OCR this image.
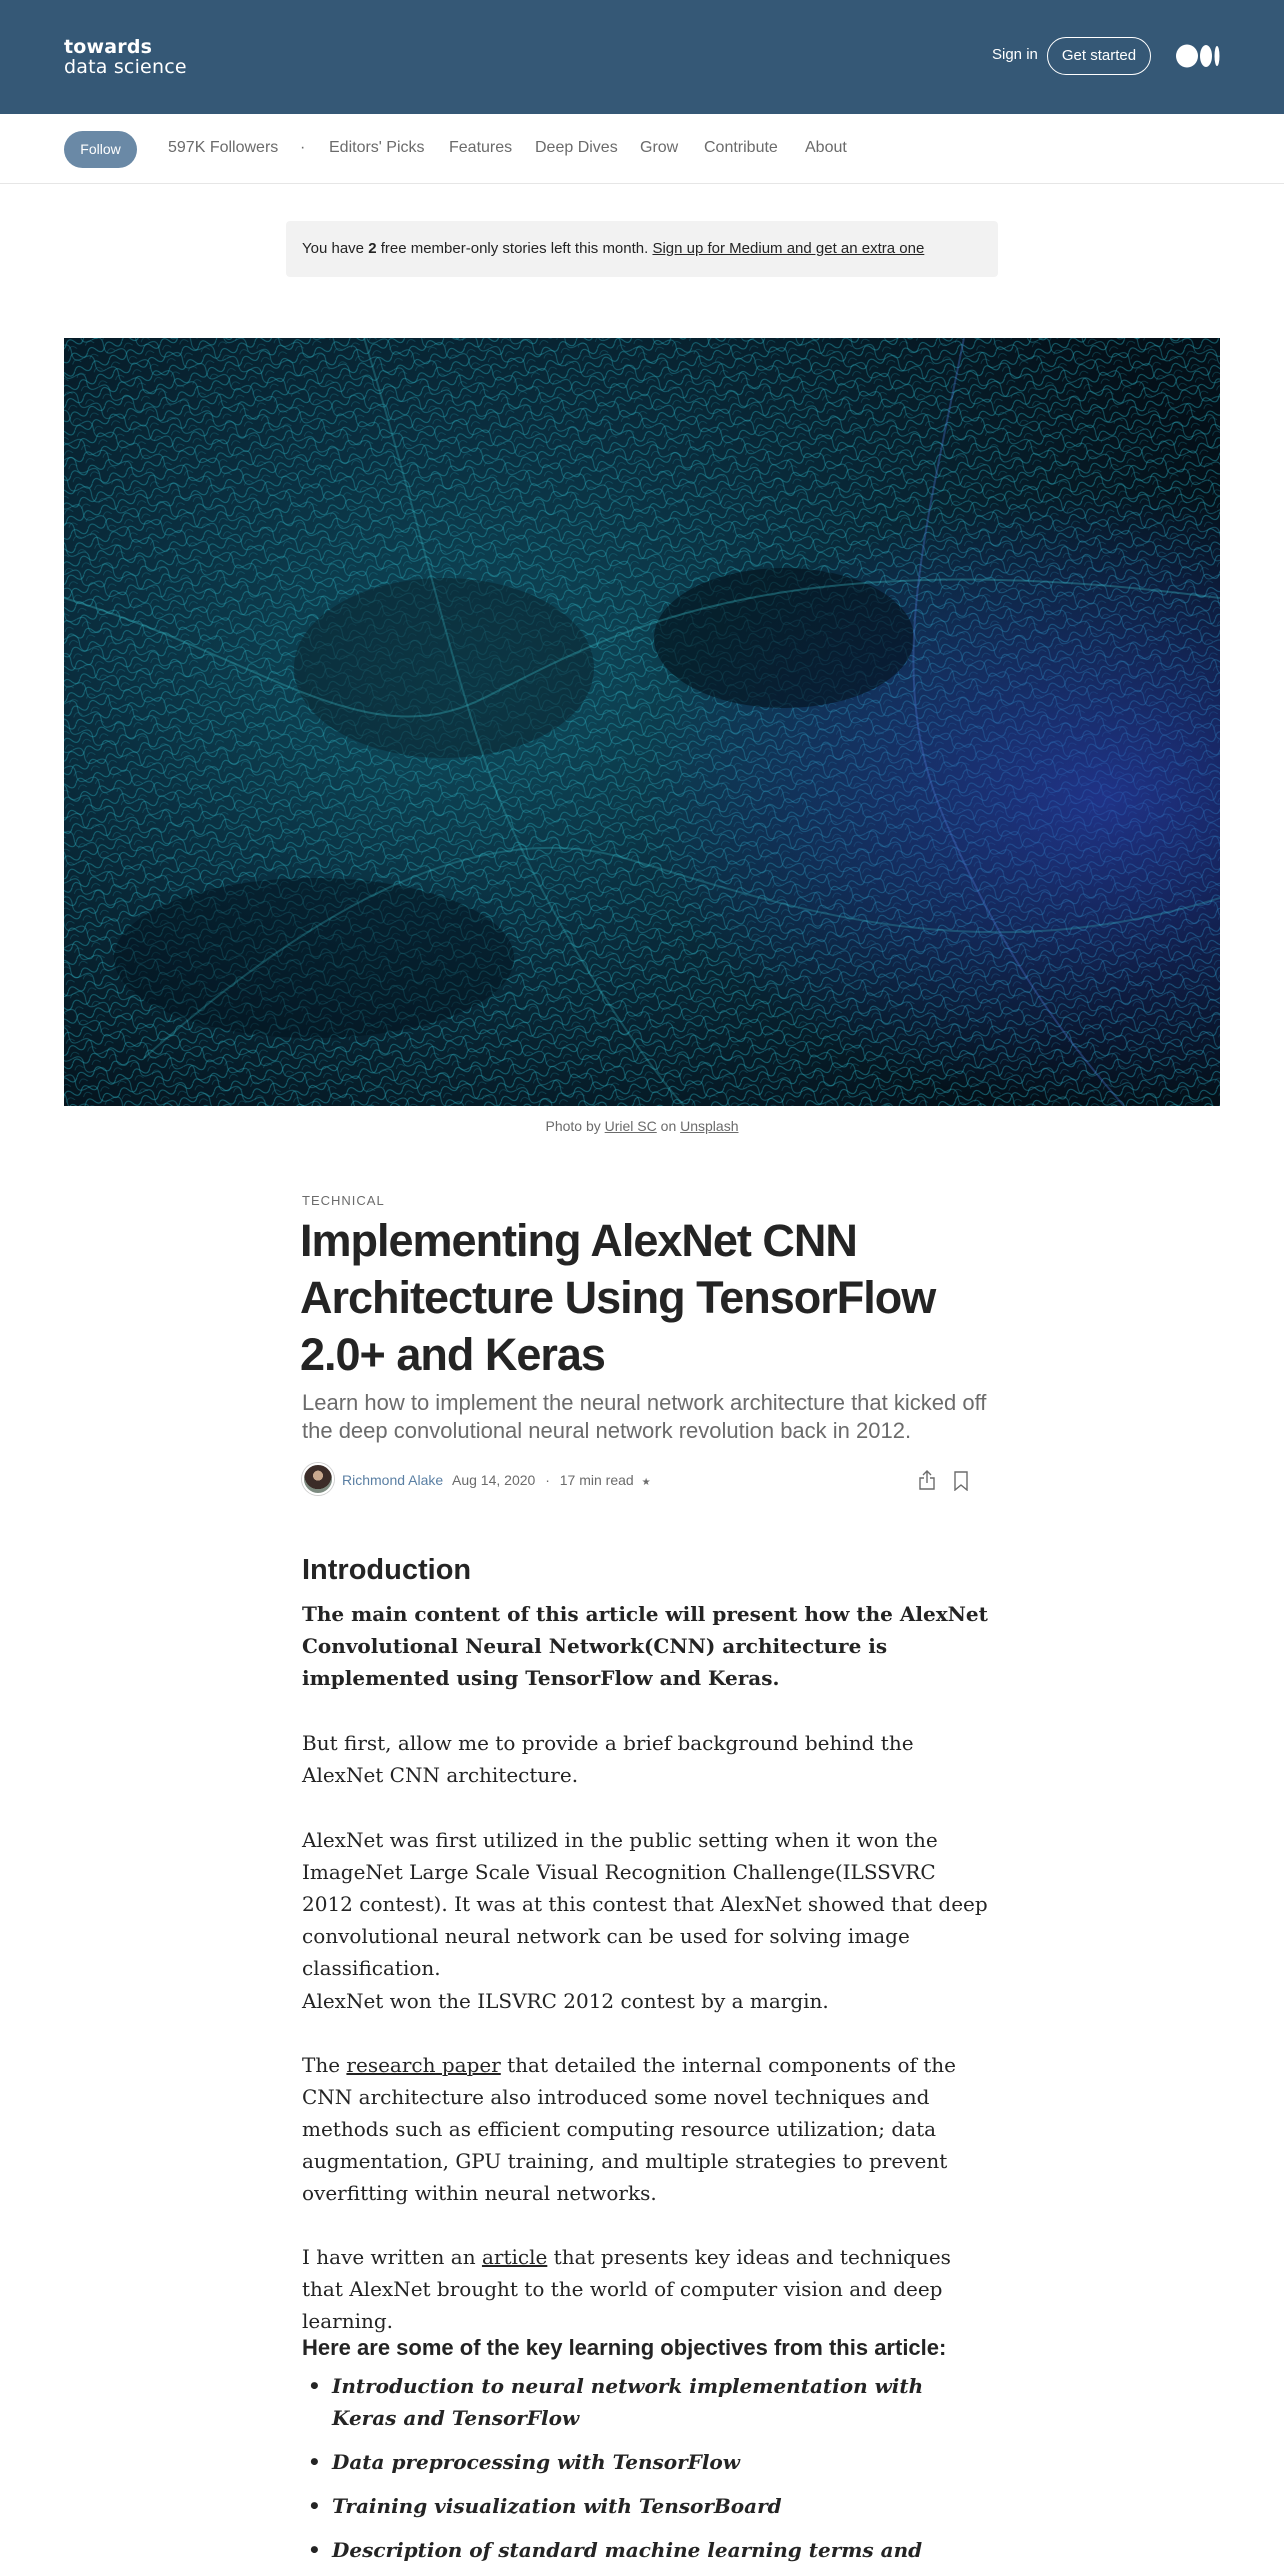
towards
data science
Sign in	Get started
Follow	597K Followers · Editors' Picks Features Deep Dives Grow Contribute About
You have 2 free member-only stories left this month. Sign up for Medium and get an extra one
Photo by Uriel SC on Unsplash
TECHNICAL
Implementing AlexNet CNN Architecture Using TensorFlow 2.0+ and Keras
Learn how to implement the neural network architecture that kicked off the deep convolutional neural network revolution back in 2012.
Richmond Alake Aug 14, 2020 · 17 min read ★
Introduction

The main content of this article will present how the AlexNet Convolutional Neural Network(CNN) architecture is implemented using TensorFlow and Keras.

But first, allow me to provide a brief background behind the AlexNet CNN architecture.

AlexNet was first utilized in the public setting when it won the ImageNet Large Scale Visual Recognition Challenge(ILSSVRC 2012 contest). It was at this contest that AlexNet showed that deep convolutional neural network can be used for solving image classification.

AlexNet won the ILSVRC 2012 contest by a margin.

The research paper that detailed the internal components of the CNN architecture also introduced some novel techniques and methods such as efficient computing resource utilization; data augmentation, GPU training, and multiple strategies to prevent overfitting within neural networks.

I have written an article that presents key ideas and techniques that AlexNet brought to the world of computer vision and deep learning.

Here are some of the key learning objectives from this article:
• Introduction to neural network implementation with Keras and TensorFlow
• Data preprocessing with TensorFlow
• Training visualization with TensorBoard
• Description of standard machine learning terms and
